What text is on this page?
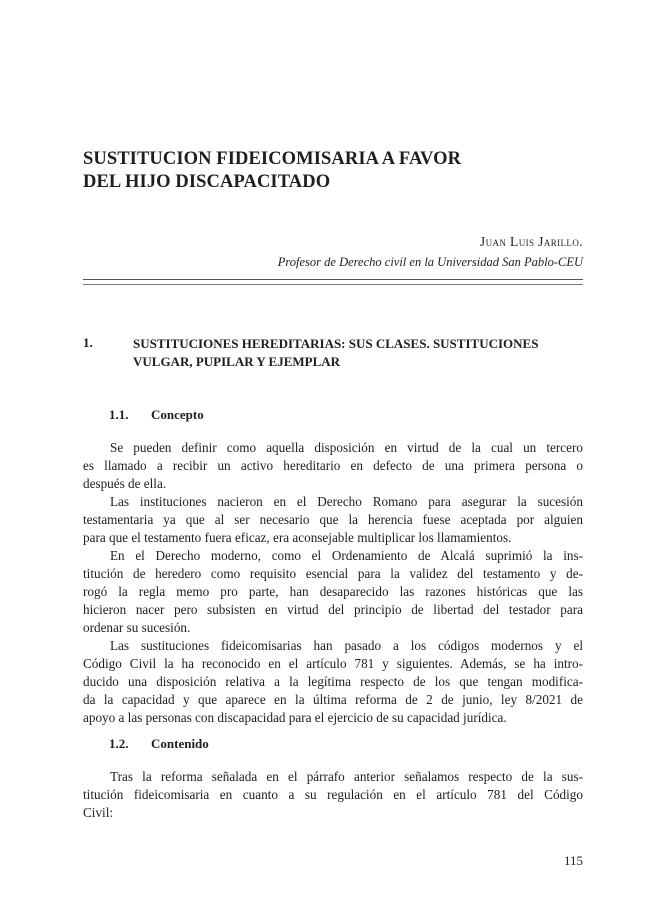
SUSTITUCION FIDEICOMISARIA A FAVOR
DEL HIJO DISCAPACITADO
Juan Luis Jarillo.
Profesor de Derecho civil en la Universidad San Pablo-CEU
1.	SUSTITUCIONES HEREDITARIAS: SUS CLASES. SUSTITUCIONES
VULGAR, PUPILAR Y EJEMPLAR
1.1. Concepto
Se pueden definir como aquella disposición en virtud de la cual un tercero
es llamado a recibir un activo hereditario en defecto de una primera persona o
después de ella.
Las instituciones nacieron en el Derecho Romano para asegurar la sucesión
testamentaria ya que al ser necesario que la herencia fuese aceptada por alguien
para que el testamento fuera eficaz, era aconsejable multiplicar los llamamientos.
En el Derecho moderno, como el Ordenamiento de Alcalá suprimió la ins-
titución de heredero como requisito esencial para la validez del testamento y de-
rogó la regla memo pro parte, han desaparecido las razones históricas que las
hicieron nacer pero subsisten en virtud del principio de libertad del testador para
ordenar su sucesión.
Las sustituciones fideicomisarias han pasado a los códigos modernos y el
Código Civil la ha reconocido en el artículo 781 y siguientes. Además, se ha intro-
ducido una disposición relativa a la legítima respecto de los que tengan modifica-
da la capacidad y que aparece en la última reforma de 2 de junio, ley 8/2021 de
apoyo a las personas con discapacidad para el ejercicio de su capacidad jurídica.
1.2. Contenido
Tras la reforma señalada en el párrafo anterior señalamos respecto de la sus-
titución fideicomisaria en cuanto a su regulación en el artículo 781 del Código
Civil:
115
